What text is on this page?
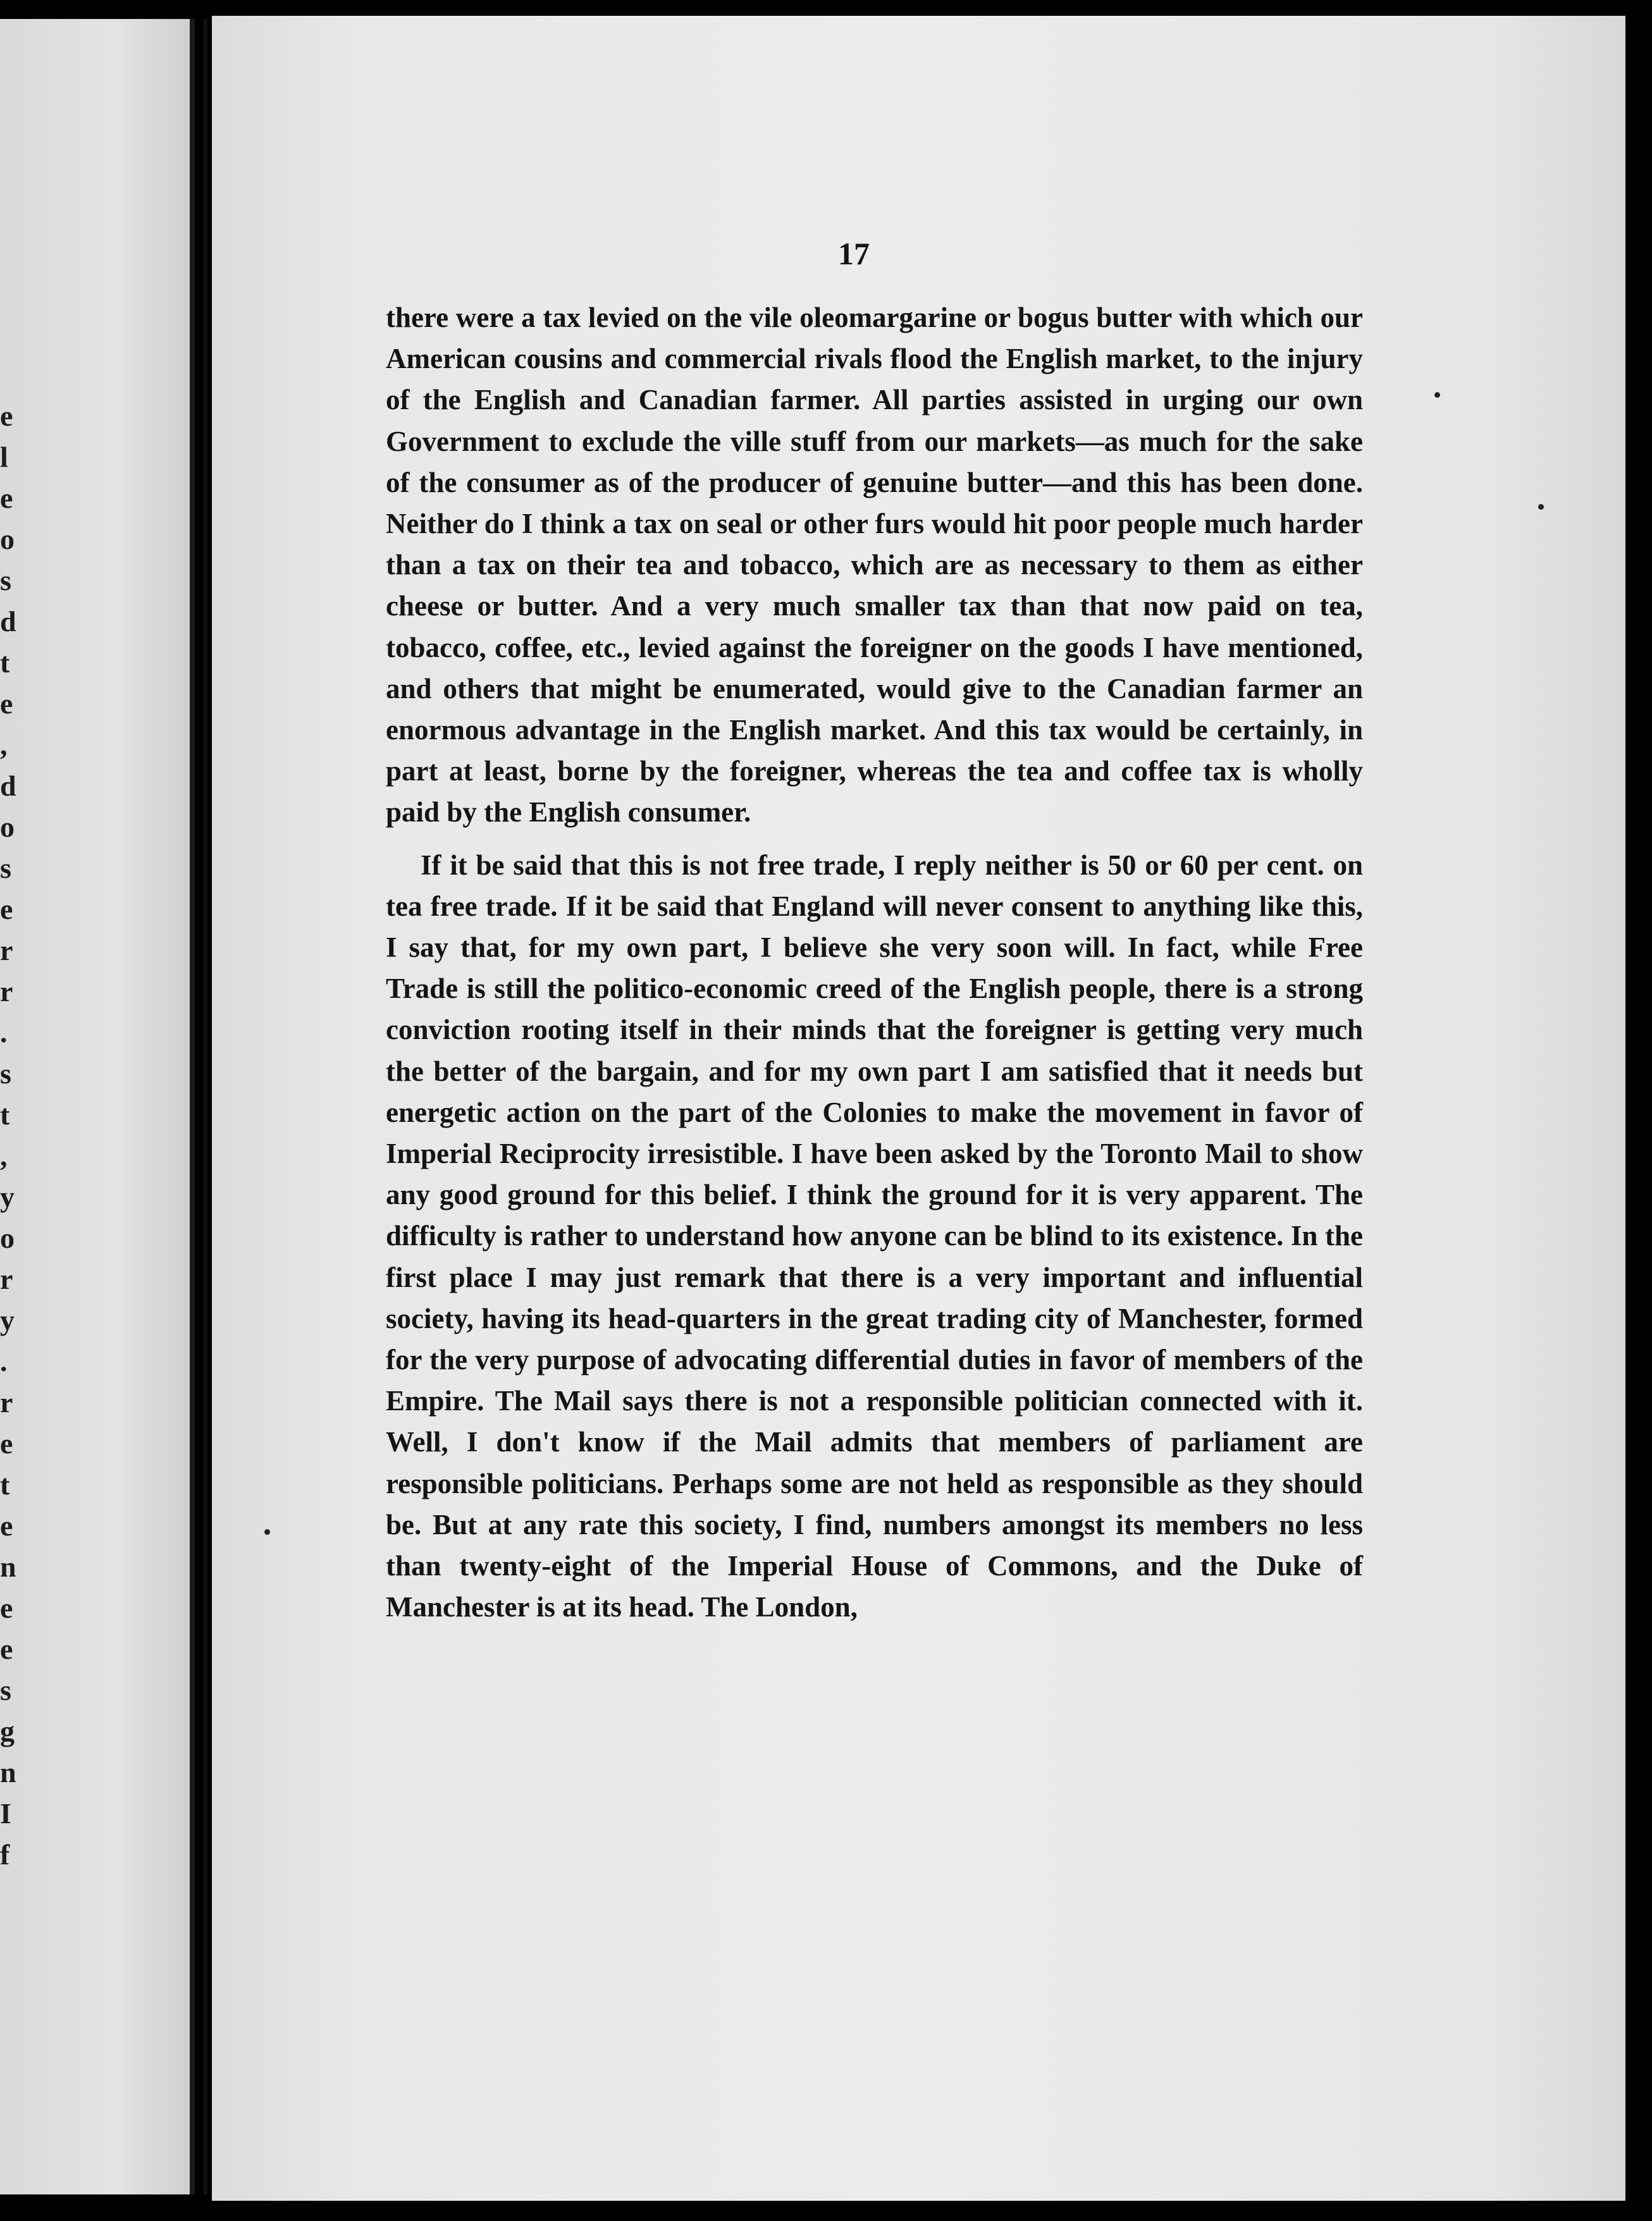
e
l
e
o
s
d
t
e
,
d
o
s
e
r
r
.
s
t
,
y
o
r
y
.
r
e
t
e
n
e
e
s
g
n
I
f

17

there were a tax levied on the vile oleomargarine or bogus butter with which our American cousins and commercial rivals flood the English market, to the injury of the English and Canadian farmer. All parties assisted in urging our own Government to exclude the ville stuff from our markets—as much for the sake of the consumer as of the producer of genuine butter—and this has been done. Neither do I think a tax on seal or other furs would hit poor people much harder than a tax on their tea and tobacco, which are as necessary to them as either cheese or butter. And a very much smaller tax than that now paid on tea, tobacco, coffee, etc., levied against the foreigner on the goods I have mentioned, and others that might be enumerated, would give to the Canadian farmer an enormous advantage in the English market. And this tax would be certainly, in part at least, borne by the foreigner, whereas the tea and coffee tax is wholly paid by the English consumer.

If it be said that this is not free trade, I reply neither is 50 or 60 per cent. on tea free trade. If it be said that England will never consent to anything like this, I say that, for my own part, I believe she very soon will. In fact, while Free Trade is still the politico-economic creed of the English people, there is a strong conviction rooting itself in their minds that the foreigner is getting very much the better of the bargain, and for my own part I am satisfied that it needs but energetic action on the part of the Colonies to make the movement in favor of Imperial Reciprocity irresistible. I have been asked by the Toronto Mail to show any good ground for this belief. I think the ground for it is very apparent. The difficulty is rather to understand how anyone can be blind to its existence. In the first place I may just remark that there is a very important and influential society, having its head-quarters in the great trading city of Manchester, formed for the very purpose of advocating differential duties in favor of members of the Empire. The Mail says there is not a responsible politician connected with it. Well, I don't know if the Mail admits that members of parliament are responsible politicians. Perhaps some are not held as responsible as they should be. But at any rate this society, I find, numbers amongst its members no less than twenty-eight of the Imperial House of Commons, and the Duke of Manchester is at its head. The London,
